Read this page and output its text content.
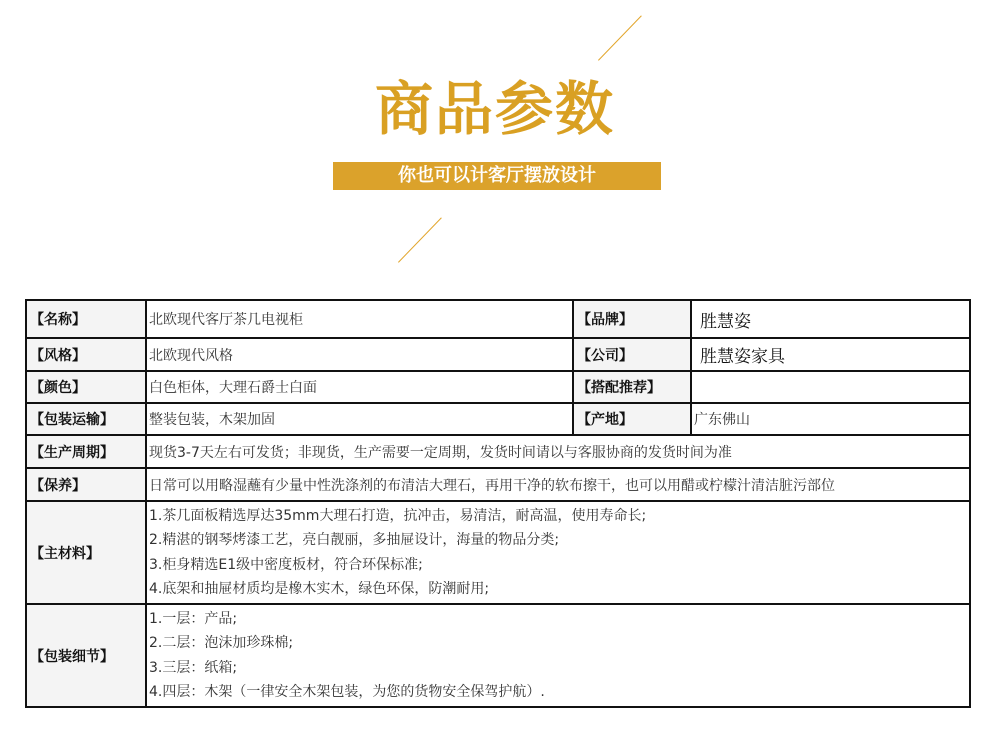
商品参数
你也可以计客厅摆放设计
【名称】	北欧现代客厅茶几电视柜	【品牌】	胜慧姿
【风格】	北欧现代风格	【公司】	胜慧姿家具
【颜色】	白色柜体，大理石爵士白面	【搭配推荐】	
【包装运输】	整装包装，木架加固	【产地】	广东佛山
【生产周期】	现货3-7天左右可发货；非现货，生产需要一定周期，发货时间请以与客服协商的发货时间为准		
【保养】	日常可以用略湿蘸有少量中性洗涤剂的布清洁大理石，再用干净的软布擦干，也可以用醋或柠檬汁清洁脏污部位		
【主材料】	1.茶几面板精选厚达35mm大理石打造，抗冲击，易清洁，耐高温，使用寿命长;
2.精湛的钢琴烤漆工艺，亮白靓丽，多抽屉设计，海量的物品分类;
3.柜身精选E1级中密度板材，符合环保标准;
4.底架和抽屉材质均是橡木实木，绿色环保，防潮耐用;		

【包装细节】	1.一层：产品;
2.二层：泡沫加珍珠棉;
3.三层：纸箱;
4.四层：木架（一律安全木架包装，为您的货物安全保驾护航）.		
